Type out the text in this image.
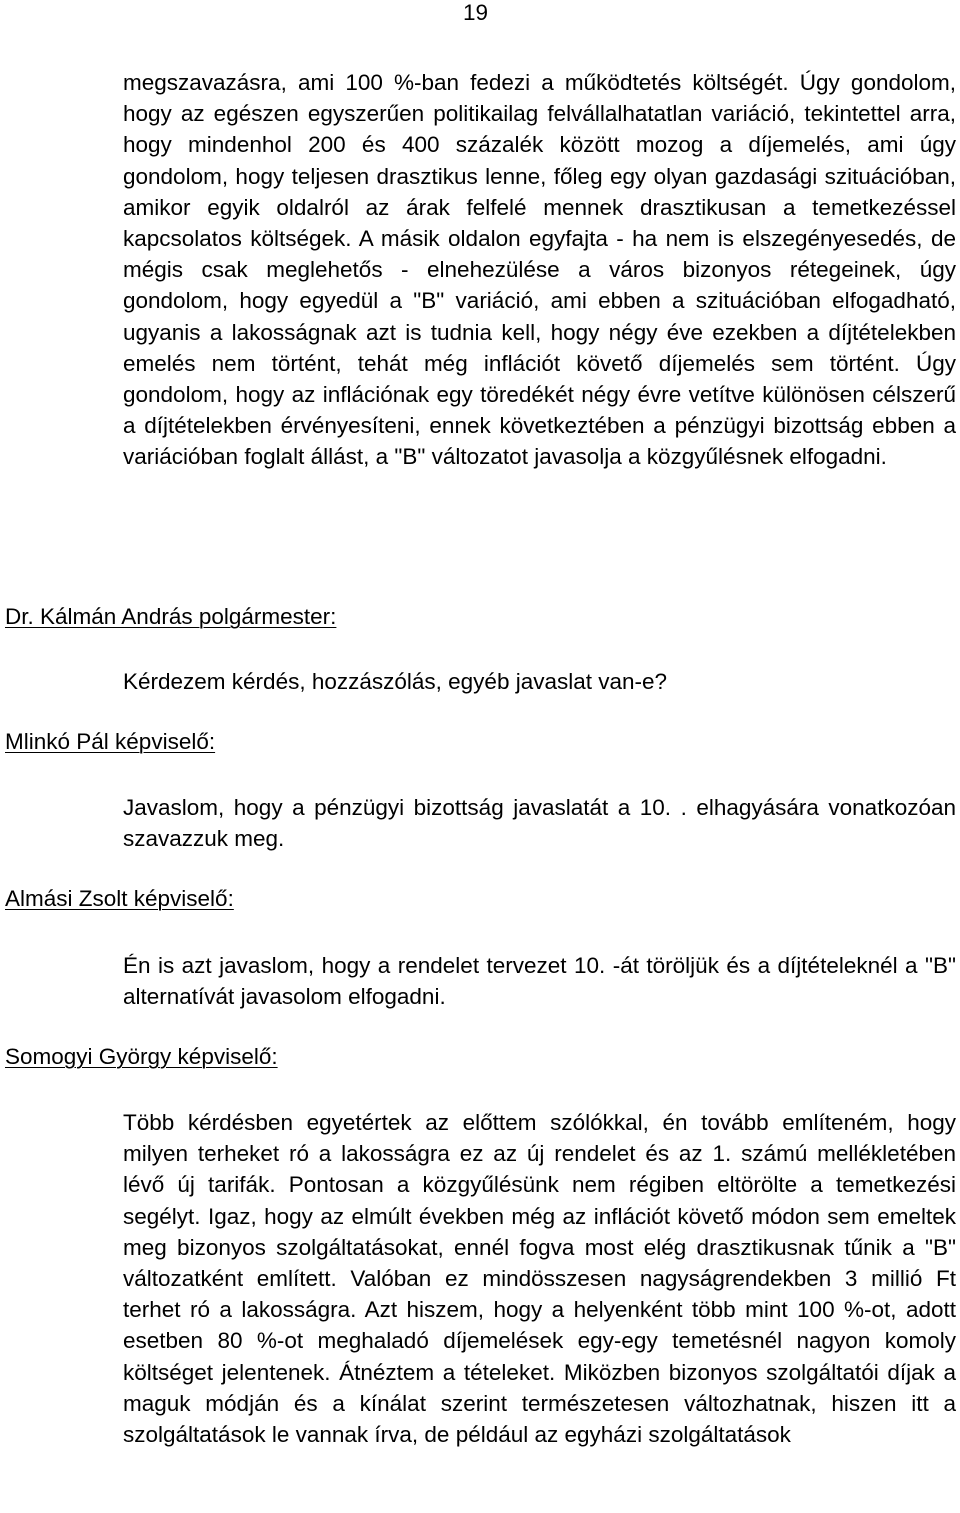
19

megszavazásra, ami 100 %-ban fedezi a működtetés költségét. Úgy gondolom, hogy az egészen egyszerűen politikailag felvállalhatatlan variáció, tekintettel arra, hogy mindenhol 200 és 400 százalék között mozog a díjemelés, ami úgy gondolom, hogy teljesen drasztikus lenne, főleg egy olyan gazdasági szituációban, amikor egyik oldalról az árak felfelé mennek drasztikusan a temetkezéssel kapcsolatos költségek. A másik oldalon egyfajta - ha nem is elszegényesedés, de mégis csak meglehetős - elnehezülése a város bizonyos rétegeinek, úgy gondolom, hogy egyedül a "B" variáció, ami ebben a szituációban elfogadható, ugyanis a lakosságnak azt is tudnia kell, hogy négy éve ezekben a díjtételekben emelés nem történt, tehát még inflációt követő díjemelés sem történt. Úgy gondolom, hogy az inflációnak egy töredékét négy évre vetítve különösen célszerű a díjtételekben érvényesíteni, ennek következtében a pénzügyi bizottság ebben a variációban foglalt állást, a "B" változatot javasolja a közgyűlésnek elfogadni.

Dr. Kálmán András polgármester:

Kérdezem kérdés, hozzászólás, egyéb javaslat van-e?

Mlinkó Pál képviselő:

Javaslom, hogy a pénzügyi bizottság javaslatát a 10. . elhagyására vonatkozóan szavazzuk meg.

Almási Zsolt képviselő:

Én is azt javaslom, hogy a rendelet tervezet 10. -át töröljük és a díjtételeknél a "B" alternatívát javasolom elfogadni.

Somogyi György képviselő:

Több kérdésben egyetértek az előttem szólókkal, én tovább említeném, hogy milyen terheket ró a lakosságra ez az új rendelet és az 1. számú mellékletében lévő új tarifák. Pontosan a közgyűlésünk nem régiben eltörölte a temetkezési segélyt. Igaz, hogy az elmúlt években még az inflációt követő módon sem emeltek meg bizonyos szolgáltatásokat, ennél fogva most elég drasztikusnak tűnik a "B" változatként említett. Valóban ez mindösszesen nagyságrendekben 3 millió Ft terhet ró a lakosságra. Azt hiszem, hogy a helyenként több mint 100 %-ot, adott esetben 80 %-ot meghaladó díjemelések egy-egy temetésnél nagyon komoly költséget jelentenek. Átnéztem a tételeket. Miközben bizonyos szolgáltatói díjak a maguk módján és a kínálat szerint természetesen változhatnak, hiszen itt a szolgáltatások le vannak írva, de például az egyházi szolgáltatások
